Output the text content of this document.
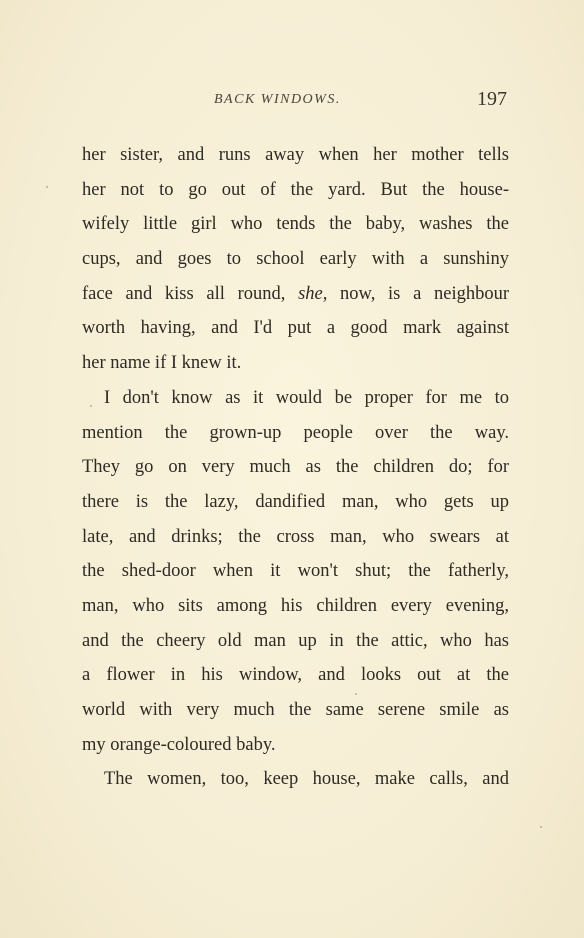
BACK WINDOWS.	197
her sister, and runs away when her mother tells
her not to go out of the yard. But the house-
wifely little girl who tends the baby, washes the
cups, and goes to school early with a sunshiny
face and kiss all round, she, now, is a neighbour
worth having, and I'd put a good mark against
her name if I knew it.
I don't know as it would be proper for me to
mention the grown-up people over the way.
They go on very much as the children do; for
there is the lazy, dandified man, who gets up
late, and drinks; the cross man, who swears at
the shed-door when it won't shut; the fatherly,
man, who sits among his children every evening,
and the cheery old man up in the attic, who has
a flower in his window, and looks out at the
world with very much the same serene smile as
my orange-coloured baby.
The women, too, keep house, make calls, and
